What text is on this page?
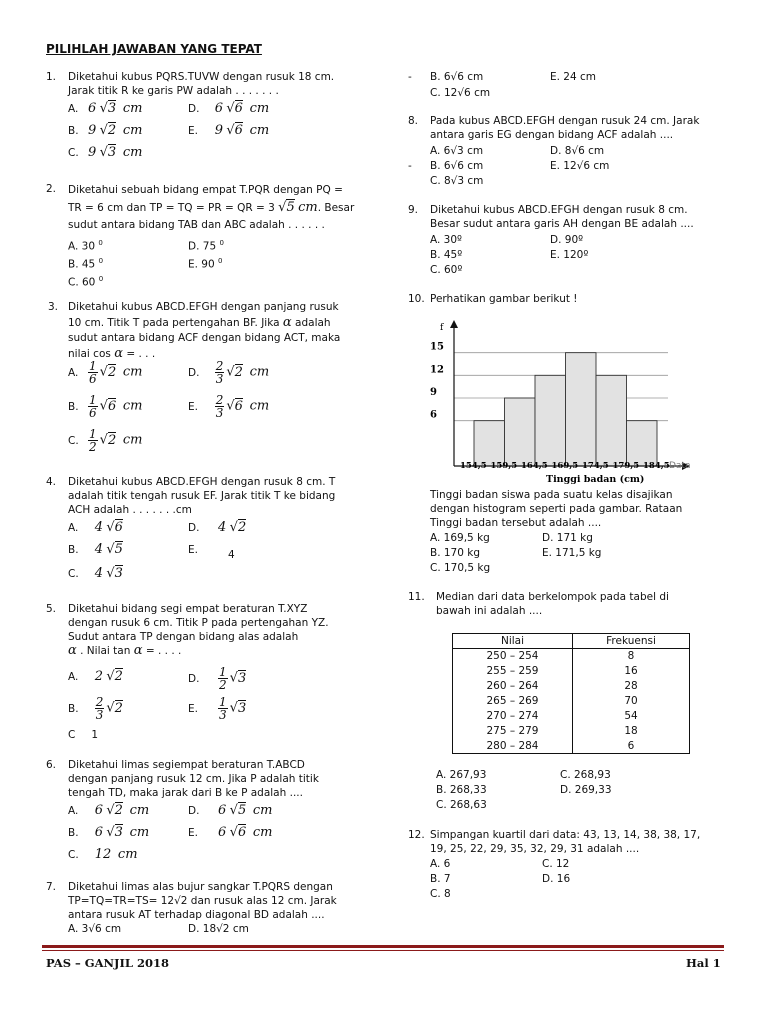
PILIHLAH JAWABAN YANG TEPAT
1. Diketahui kubus PQRS.TUVW dengan rusuk 18 cm.
Jarak titik R ke garis PW adalah . . . . . . .
A. 6 √3 cm	D. 6 √6 cm
B. 9 √2 cm	E. 9 √6 cm
C. 9 √3 cm
2. Diketahui sebuah bidang empat T.PQR dengan PQ =
TR = 6 cm dan TP = TQ = PR = QR = 3 √5 cm. Besar
sudut antara bidang TAB dan ABC adalah . . . . . .
A. 30 $^0$	D. 75 $^0$
B. 45 $^0$	E. 90 $^0$
C. 60 $^0$
3. Diketahui kubus ABCD.EFGH dengan panjang rusuk
10 cm. Titik T pada pertengahan BF. Jika α adalah
sudut antara bidang ACF dengan bidang ACT, maka
nilai cos α = . . .
A. $\frac{1}{6} √2$ cm	D. $\frac{2}{3} √2$ cm
B. $\frac{1}{6} √6$ cm	E. $\frac{2}{3} √6$ cm
C. $\frac{1}{2} √2$ cm
4. Diketahui kubus ABCD.EFGH dengan rusuk 8 cm. T
adalah titik tengah rusuk EF. Jarak titik T ke bidang
ACH adalah . . . . . . .cm
A. 4 √6	D. 4 √2
B. 4 √5	E.	4
C. 4 √3
5. Diketahui bidang segi empat beraturan T.XYZ
dengan rusuk 6 cm. Titik P pada pertengahan YZ.
Sudut antara TP dengan bidang alas adalah
α . Nilai tan α = . . . .
A. 2 √2	D. $\frac{1}{2} √3$
B. $\frac{2}{3} √2$	E. $\frac{1}{3} √3$
C 1
6. Diketahui limas segiempat beraturan T.ABCD
dengan panjang rusuk 12 cm. Jika P adalah titik
tengah TD, maka jarak dari B ke P adalah ....
A. 6 √2 cm	D. 6 √5 cm
B. 6 √3 cm	E. 6 √6 cm
C. 12 cm
7. Diketahui limas alas bujur sangkar T.PQRS dengan
TP=TQ=TR=TS= 12√2 dan rusuk alas 12 cm. Jarak
antara rusuk AT terhadap diagonal BD adalah ....
A. 3√6 cm	D. 18√2 cm
- B. 6√6 cm	E. 24 cm
C. 12√6 cm
8. Pada kubus ABCD.EFGH dengan rusuk 24 cm. Jarak
antara garis EG dengan bidang ACF adalah ....
A. 6√3 cm	D. 8√6 cm
- B. 6√6 cm	E. 12√6 cm
C. 8√3 cm
9. Diketahui kubus ABCD.EFGH dengan rusuk 8 cm.
Besar sudut antara garis AH dengan BE adalah ....
A. 30º	D. 90º
B. 45º	E. 120º
C. 60º
10. Perhatikan gambar berikut !
f
6
9
12
15
154,5 159,5 164,5 169,5 174,5 179,5 184,5 Data
Tinggi badan (cm)
Tinggi badan siswa pada suatu kelas disajikan
dengan histogram seperti pada gambar. Rataan
Tinggi badan tersebut adalah ....
A. 169,5 kg	D. 171 kg
B. 170 kg	E. 171,5 kg
C. 170,5 kg
11. Median dari data berkelompok pada tabel di
bawah ini adalah ....
Nilai	Frekuensi
250 – 254	8
255 – 259	16
260 – 264	28
265 – 269	70
270 – 274	54
275 – 279	18
280 – 284	6
A. 267,93	C. 268,93
B. 268,33	D. 269,33
C. 268,63
12. Simpangan kuartil dari data: 43, 13, 14, 38, 38, 17,
19, 25, 22, 29, 35, 32, 29, 31 adalah ....
A. 6	C. 12
B. 7	D. 16
C. 8
PAS – GANJIL 2018	Hal 1
